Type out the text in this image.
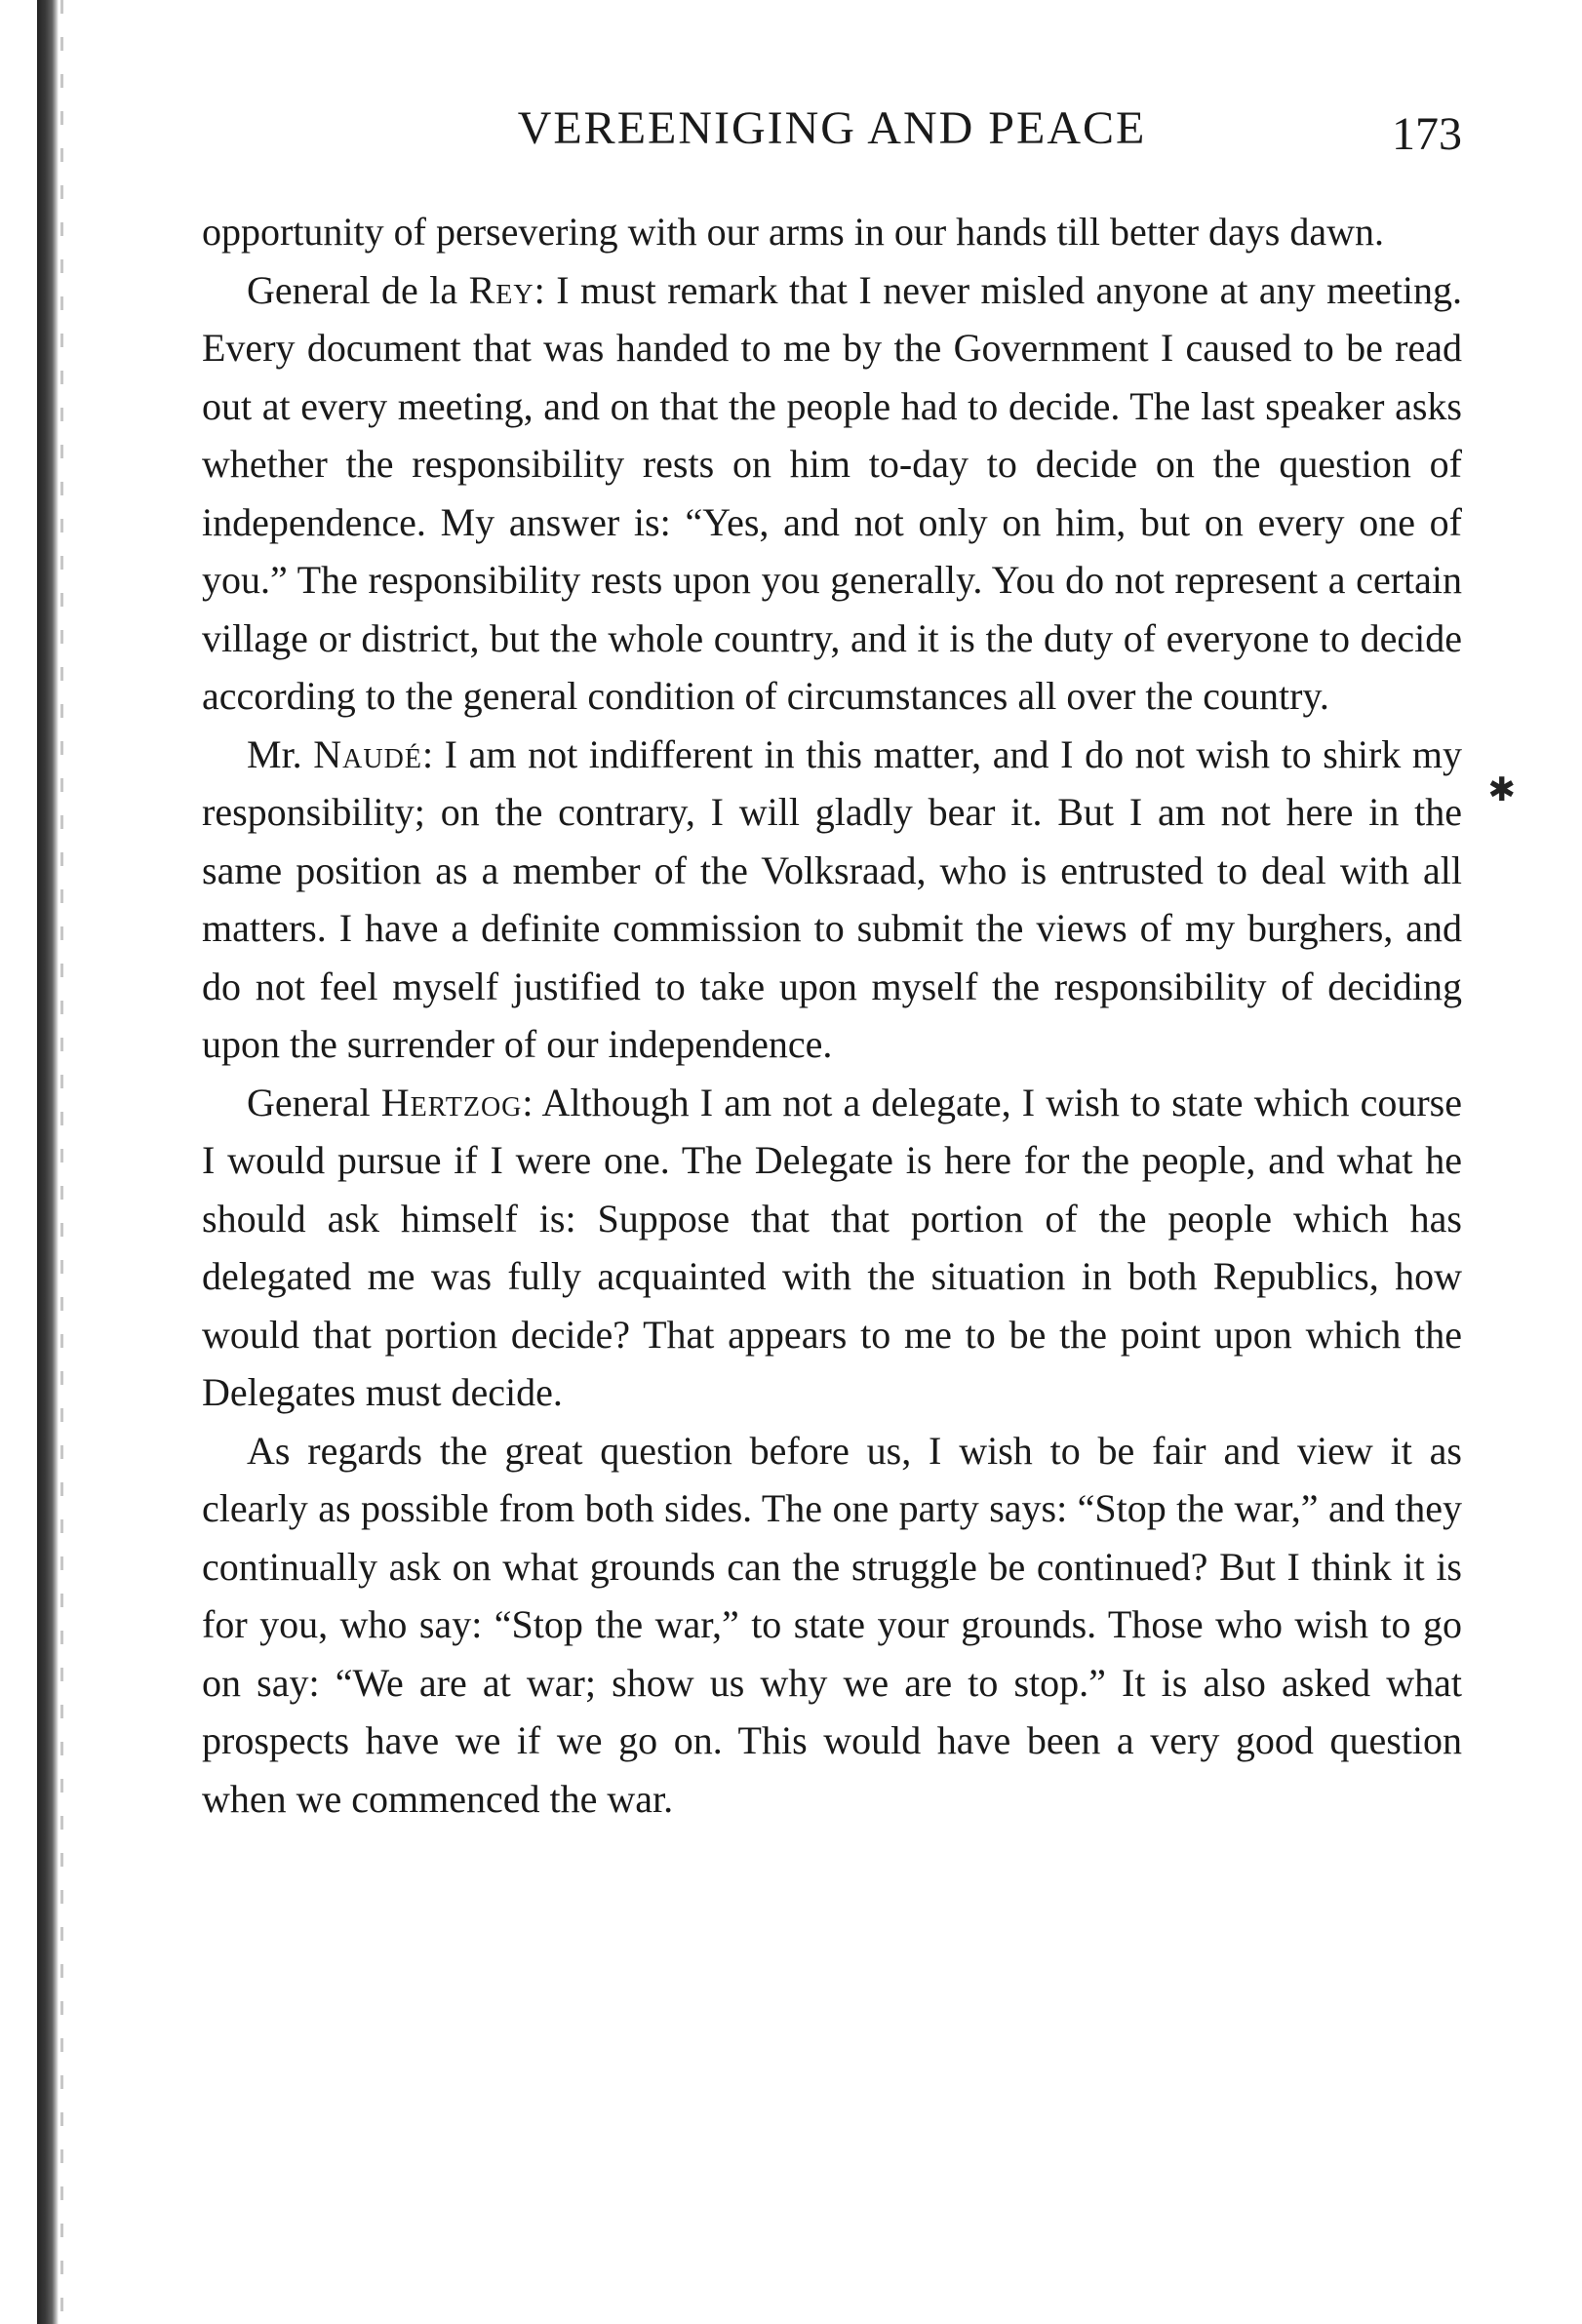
VEREENIGING AND PEACE	173
✱

opportunity of persevering with our arms in our hands till better days dawn.

General de la Rey: I must remark that I never misled anyone at any meeting. Every document that was handed to me by the Government I caused to be read out at every meeting, and on that the people had to decide. The last speaker asks whether the responsibility rests on him to-day to decide on the question of independence. My answer is: “Yes, and not only on him, but on every one of you.” The responsibility rests upon you generally. You do not represent a certain village or district, but the whole country, and it is the duty of everyone to decide according to the general condition of circumstances all over the country.

Mr. Naudé: I am not indifferent in this matter, and I do not wish to shirk my responsibility; on the contrary, I will gladly bear it. But I am not here in the same position as a member of the Volksraad, who is entrusted to deal with all matters. I have a definite commission to submit the views of my burghers, and do not feel myself justified to take upon myself the responsibility of deciding upon the surrender of our independence.

General Hertzog: Although I am not a delegate, I wish to state which course I would pursue if I were one. The Delegate is here for the people, and what he should ask himself is: Suppose that that portion of the people which has delegated me was fully acquainted with the situation in both Republics, how would that portion decide? That appears to me to be the point upon which the Delegates must decide.

As regards the great question before us, I wish to be fair and view it as clearly as possible from both sides. The one party says: “Stop the war,” and they continually ask on what grounds can the struggle be continued? But I think it is for you, who say: “Stop the war,” to state your grounds. Those who wish to go on say: “We are at war; show us why we are to stop.” It is also asked what prospects have we if we go on. This would have been a very good question when we commenced the war.
